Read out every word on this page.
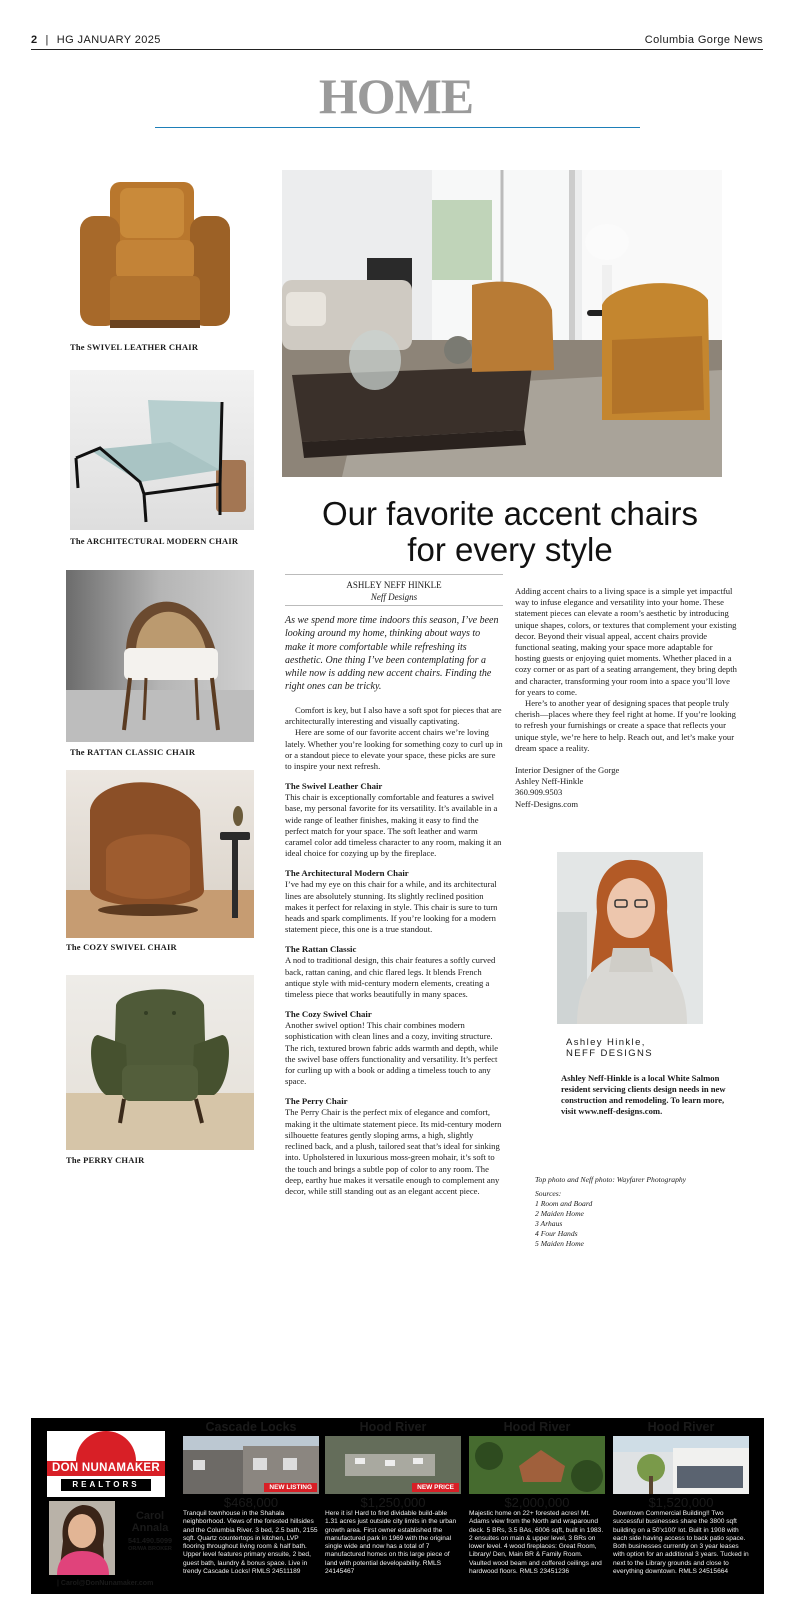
2 | HG JANUARY 2025	Columbia Gorge News
HOME
The SWIVEL LEATHER CHAIR
The ARCHITECTURAL MODERN CHAIR
The RATTAN CLASSIC CHAIR
The COZY SWIVEL CHAIR
The PERRY CHAIR
Our favorite accent chairs
for every style
ASHLEY NEFF HINKLE
Neff Designs

As we spend more time indoors this season, I’ve been looking around my home, thinking about ways to make it more comfortable while refreshing its aesthetic. One thing I’ve been contemplating for a while now is adding new accent chairs. Finding the right ones can be tricky.

Comfort is key, but I also have a soft spot for pieces that are architecturally interesting and visually captivating.

Here are some of our favorite accent chairs we’re loving lately. Whether you’re looking for something cozy to curl up in or a standout piece to elevate your space, these picks are sure to inspire your next refresh.

The Swivel Leather Chair

This chair is exceptionally comfortable and features a swivel base, my personal favorite for its versatility. It’s available in a wide range of leather finishes, making it easy to find the perfect match for your space. The soft leather and warm caramel color add timeless character to any room, making it an ideal choice for cozying up by the fireplace.

The Architectural Modern Chair

I’ve had my eye on this chair for a while, and its architectural lines are absolutely stunning. Its slightly reclined position makes it perfect for relaxing in style. This chair is sure to turn heads and spark compliments. If you’re looking for a modern statement piece, this one is a true standout.

The Rattan Classic

A nod to traditional design, this chair features a softly curved back, rattan caning, and chic flared legs. It blends French antique style with mid-century modern elements, creating a timeless piece that works beautifully in many spaces.

The Cozy Swivel Chair

Another swivel option! This chair combines modern sophistication with clean lines and a cozy, inviting structure. The rich, textured brown fabric adds warmth and depth, while the swivel base offers functionality and versatility. It’s perfect for curling up with a book or adding a timeless touch to any space.

The Perry Chair

The Perry Chair is the perfect mix of elegance and comfort, making it the ultimate statement piece. Its mid-century modern silhouette features gently sloping arms, a high, slightly reclined back, and a plush, tailored seat that’s ideal for sinking into. Upholstered in luxurious moss-green mohair, it’s soft to the touch and brings a subtle pop of color to any room. The deep, earthy hue makes it versatile enough to complement any decor, while still standing out as an elegant accent piece.

Adding accent chairs to a living space is a simple yet impactful way to infuse elegance and versatility into your home. These statement pieces can elevate a room’s aesthetic by introducing unique shapes, colors, or textures that complement your existing decor. Beyond their visual appeal, accent chairs provide functional seating, making your space more adaptable for hosting guests or enjoying quiet moments. Whether placed in a cozy corner or as part of a seating arrangement, they bring depth and character, transforming your room into a space you’ll love for years to come.

Here’s to another year of designing spaces that people truly cherish—places where they feel right at home. If you’re looking to refresh your furnishings or create a space that reflects your unique style, we’re here to help. Reach out, and let’s make your dream space a reality.

Interior Designer of the Gorge
Ashley Neff-Hinkle
360.909.9503
Neff-Designs.com
Ashley Hinkle,
NEFF DESIGNS

Ashley Neff-Hinkle is a local White Salmon resident servicing clients design needs in new construction and remodeling. To learn more, visit www.neff-designs.com.

Top photo and Neff photo: Wayfarer Photography
Sources:
1 Room and Board
2 Maiden Home
3 Arhaus
4 Four Hands
5 Maiden Home
DON NUNAMAKER
REALTORS
Carol
Annala
541.490.5099
OR/WA BROKER
| Carol@DonNunamaker.com
Cascade Locks
NEW LISTING
$468,000
Tranquil townhouse in the Shahala neighborhood. Views of the forested hillsides and the Columbia River. 3 bed, 2.5 bath, 2155 sqft. Quartz countertops in kitchen, LVP flooring throughout living room & half bath. Upper level features primary ensuite, 2 bed, guest bath, laundry & bonus space. Live in trendy Cascade Locks! RMLS 24511189
Hood River
NEW PRICE
$1,250,000
Here it is! Hard to find dividable build-able 1.31 acres just outside city limits in the urban growth area. First owner established the manufactured park in 1969 with the original single wide and now has a total of 7 manufactured homes on this large piece of land with potential developability. RMLS 24145467
Hood River
$2,000,000
Majestic home on 22+ forested acres! Mt. Adams view from the North and wraparound deck. 5 BRs, 3.5 BAs, 6006 sqft, built in 1983. 2 ensuites on main & upper level, 3 BRs on lower level. 4 wood fireplaces: Great Room, Library/ Den, Main BR & Family Room. Vaulted wood beam and coffered ceilings and hardwood floors. RMLS 23451236
Hood River
$1,520,000
Downtown Commercial Building!! Two successful businesses share the 3800 sqft building on a 50'x100' lot. Built in 1908 with each side having access to back patio space. Both businesses currently on 3 year leases with option for an additional 3 years. Tucked in next to the Library grounds and close to everything downtown. RMLS 24515664
